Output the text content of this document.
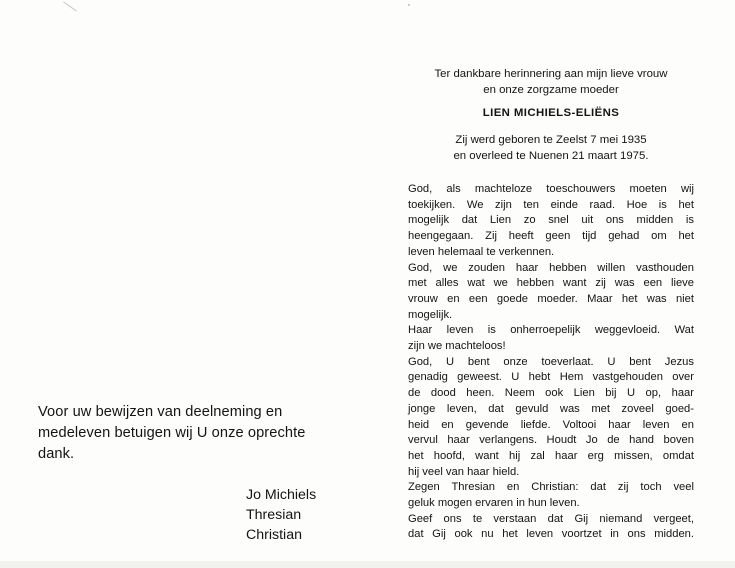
Voor uw bewijzen van deelneming en
medeleven betuigen wij U onze oprechte
dank.

Jo Michiels
Thresian
Christian
Ter dankbare herinnering aan mijn lieve vrouw
en onze zorgzame moeder
LIEN MICHIELS-ELIËNS
Zij werd geboren te Zeelst 7 mei 1935
en overleed te Nuenen 21 maart 1975.
God, als machteloze toeschouwers moeten wij
toekijken. We zijn ten einde raad. Hoe is het
mogelijk dat Lien zo snel uit ons midden is
heengegaan. Zij heeft geen tijd gehad om het
leven helemaal te verkennen.
God, we zouden haar hebben willen vasthouden
met alles wat we hebben want zij was een lieve
vrouw en een goede moeder. Maar het was niet
mogelijk.
Haar leven is onherroepelijk weggevloeid. Wat
zijn we machteloos!
God, U bent onze toeverlaat. U bent Jezus
genadig geweest. U hebt Hem vastgehouden over
de dood heen. Neem ook Lien bij U op, haar
jonge leven, dat gevuld was met zoveel goed-
heid en gevende liefde. Voltooi haar leven en
vervul haar verlangens. Houdt Jo de hand boven
het hoofd, want hij zal haar erg missen, omdat
hij veel van haar hield.
Zegen Thresian en Christian: dat zij toch veel
geluk mogen ervaren in hun leven.
Geef ons te verstaan dat Gij niemand vergeet,
dat Gij ook nu het leven voortzet in ons midden.
